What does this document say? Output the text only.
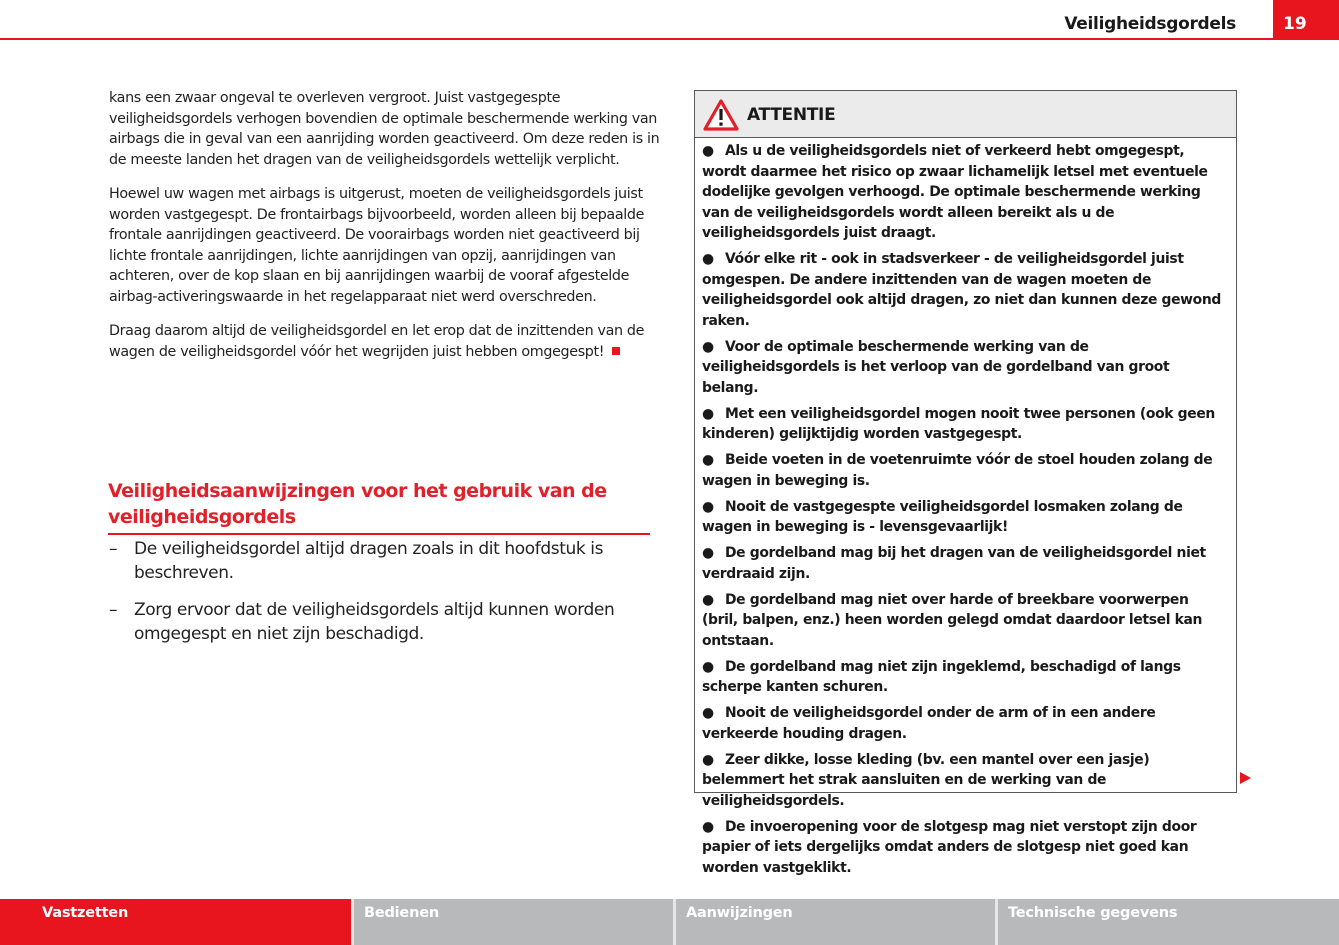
Veiligheidsgordels	19

kans een zwaar ongeval te overleven vergroot. Juist vastgegespte veiligheidsgordels verhogen bovendien de optimale beschermende werking van airbags die in geval van een aanrijding worden geactiveerd. Om deze reden is in de meeste landen het dragen van de veiligheidsgordels wettelijk verplicht.

Hoewel uw wagen met airbags is uitgerust, moeten de veiligheidsgordels juist worden vastgegespt. De frontairbags bijvoorbeeld, worden alleen bij bepaalde frontale aanrijdingen geactiveerd. De voorairbags worden niet geactiveerd bij lichte frontale aanrijdingen, lichte aanrijdingen van opzij, aanrijdingen van achteren, over de kop slaan en bij aanrijdingen waarbij de vooraf afgestelde airbag-activeringswaarde in het regelapparaat niet werd overschreden.

Draag daarom altijd de veiligheidsgordel en let erop dat de inzittenden van de wagen de veiligheidsgordel vóór het wegrijden juist hebben omgegespt!

Veiligheidsaanwijzingen voor het gebruik van de veiligheidsgordels
– De veiligheidsgordel altijd dragen zoals in dit hoofdstuk is beschreven.
– Zorg ervoor dat de veiligheidsgordels altijd kunnen worden omgegespt en niet zijn beschadigd.
ATTENTIE
● Als u de veiligheidsgordels niet of verkeerd hebt omgegespt, wordt daarmee het risico op zwaar lichamelijk letsel met eventuele dodelijke gevolgen verhoogd. De optimale beschermende werking van de veiligheidsgordels wordt alleen bereikt als u de veiligheidsgordels juist draagt.
● Vóór elke rit - ook in stadsverkeer - de veiligheidsgordel juist omgespen. De andere inzittenden van de wagen moeten de veiligheidsgordel ook altijd dragen, zo niet dan kunnen deze gewond raken.
● Voor de optimale beschermende werking van de veiligheidsgordels is het verloop van de gordelband van groot belang.
● Met een veiligheidsgordel mogen nooit twee personen (ook geen kinderen) gelijktijdig worden vastgegespt.
● Beide voeten in de voetenruimte vóór de stoel houden zolang de wagen in beweging is.
● Nooit de vastgegespte veiligheidsgordel losmaken zolang de wagen in beweging is - levensgevaarlijk!
● De gordelband mag bij het dragen van de veiligheidsgordel niet verdraaid zijn.
● De gordelband mag niet over harde of breekbare voorwerpen (bril, balpen, enz.) heen worden gelegd omdat daardoor letsel kan ontstaan.
● De gordelband mag niet zijn ingeklemd, beschadigd of langs scherpe kanten schuren.
● Nooit de veiligheidsgordel onder de arm of in een andere verkeerde houding dragen.
● Zeer dikke, losse kleding (bv. een mantel over een jasje) belemmert het strak aansluiten en de werking van de veiligheidsgordels.
● De invoeropening voor de slotgesp mag niet verstopt zijn door papier of iets dergelijks omdat anders de slotgesp niet goed kan worden vastgeklikt.
Vastzetten	Bedienen	Aanwijzingen	Technische gegevens
